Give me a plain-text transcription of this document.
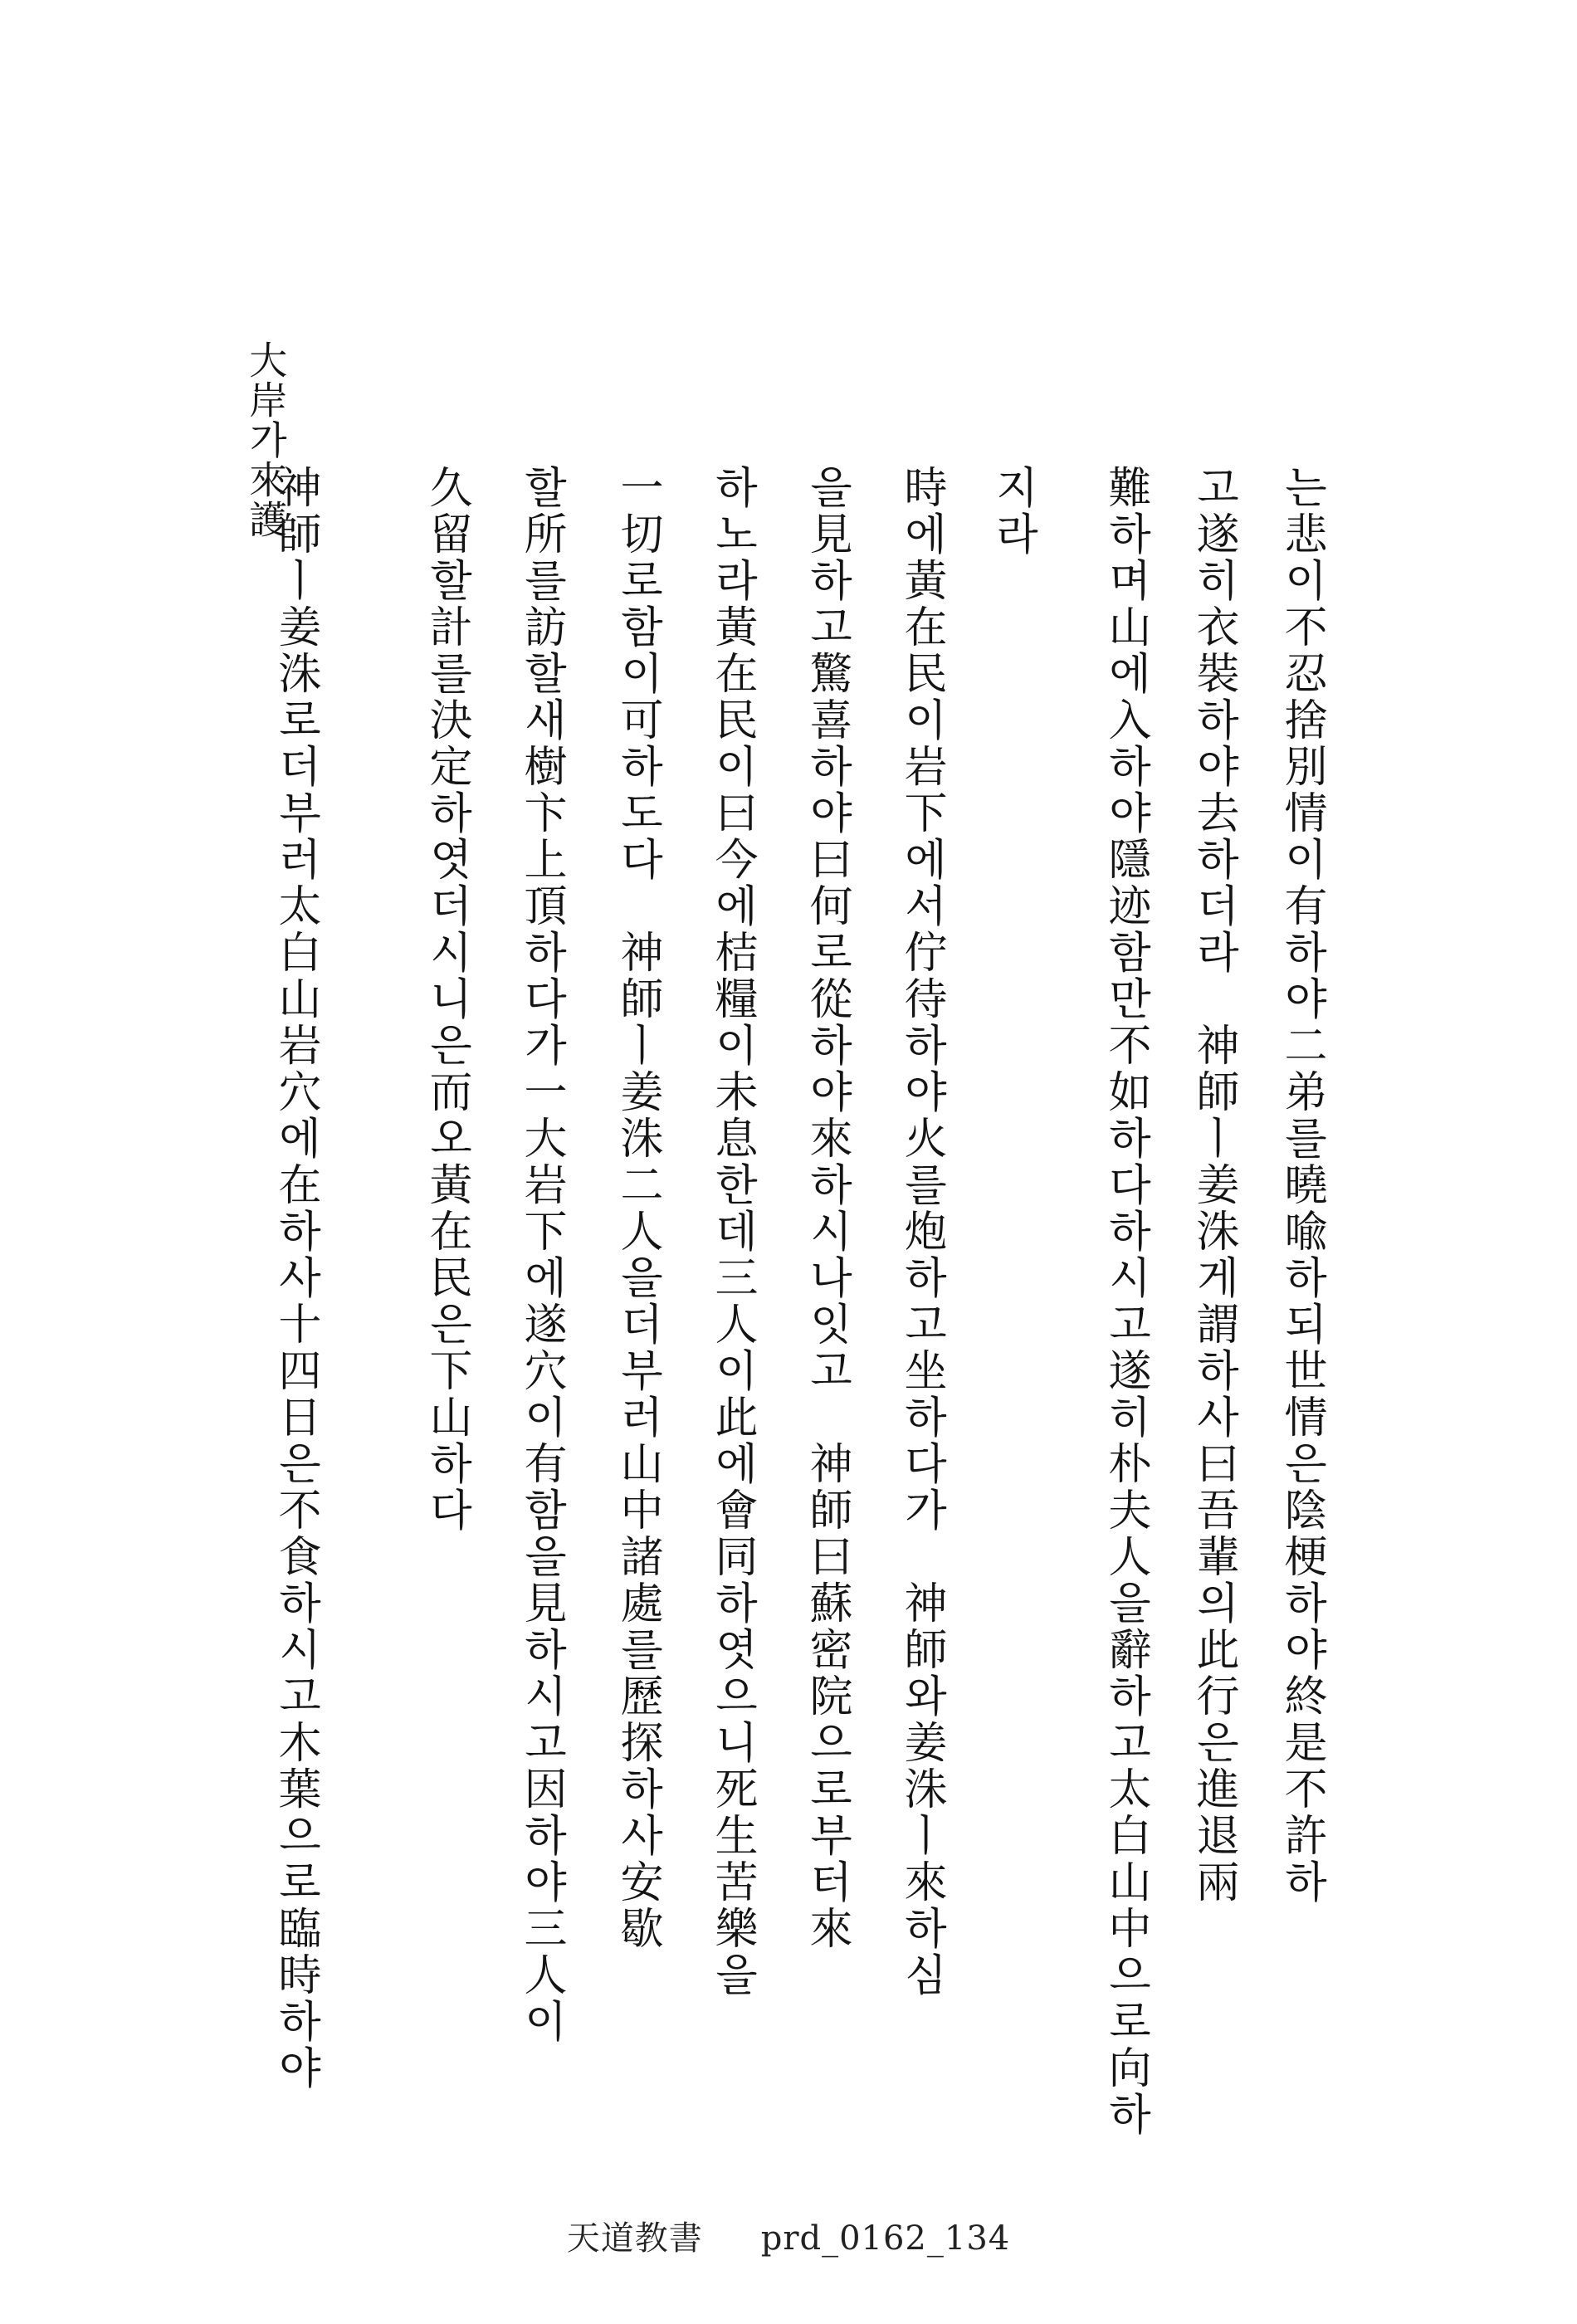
大岸가來護
는悲이不忍捨別情이有하야二弟를曉喩하되世情은陰梗하야終是不許하
고遂히衣裝하야去하더라　神師ㅣ姜洙게謂하사曰吾輩의此行은進退兩
難하며山에入하야隱迹함만不如하다하시고遂히朴夫人을辭하고太白山中으로向하
지라
時에黃在民이岩下에서佇待하야火를炮하고坐하다가　神師와姜洙ㅣ來하심
을見하고驚喜하야曰何로從하야來하시나잇고　神師曰蘇密院으로부터來
하노라黃在民이曰今에桔糧이未息한데三人이此에會同하엿으니死生苦樂을
一切로함이可하도다　神師ㅣ姜洙二人을더부러山中諸處를歷探하사安歇
할所를訪할새樹卞上頂하다가一大岩下에遂穴이有함을見하시고因하야三人이
久留할計를決定하엿더시니은而오黃在民은下山하다
神師ㅣ姜洙로더부러太白山岩穴에在하사十四日은不食하시고木葉으로臨時하야
天道教書 prd_0162_134
